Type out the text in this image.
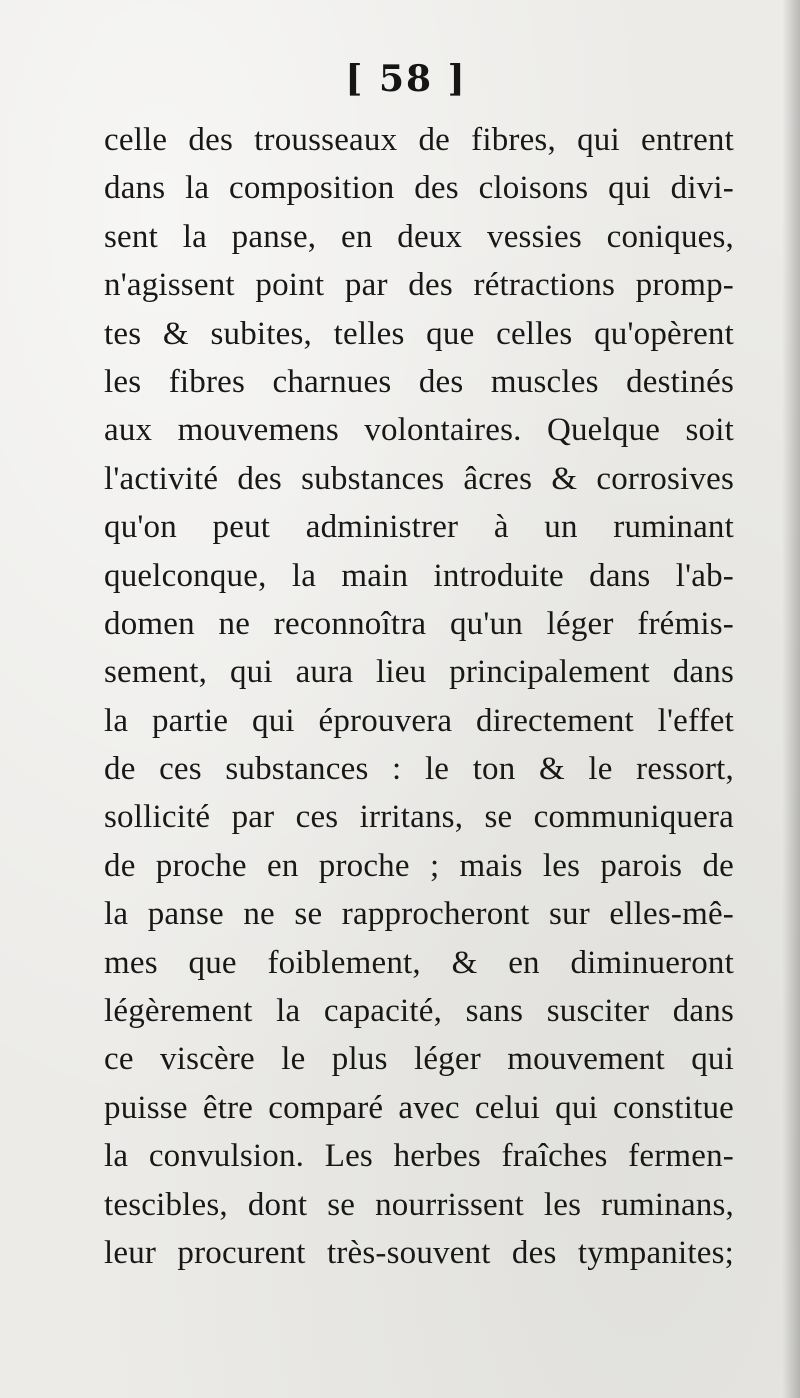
[ 58 ]
celle des trousseaux de fibres, qui entrent
dans la composition des cloisons qui divi-
sent la panse, en deux vessies coniques,
n'agissent point par des rétractions promp-
tes & subites, telles que celles qu'opèrent
les fibres charnues des muscles destinés
aux mouvemens volontaires. Quelque soit
l'activité des substances âcres & corrosives
qu'on peut administrer à un ruminant
quelconque, la main introduite dans l'ab-
domen ne reconnoîtra qu'un léger frémis-
sement, qui aura lieu principalement dans
la partie qui éprouvera directement l'effet
de ces substances : le ton & le ressort,
sollicité par ces irritans, se communiquera
de proche en proche ; mais les parois de
la panse ne se rapprocheront sur elles-mê-
mes que foiblement, & en diminueront
légèrement la capacité, sans susciter dans
ce viscère le plus léger mouvement qui
puisse être comparé avec celui qui constitue
la convulsion. Les herbes fraîches fermen-
tescibles, dont se nourrissent les ruminans,
leur procurent très-souvent des tympanites;
